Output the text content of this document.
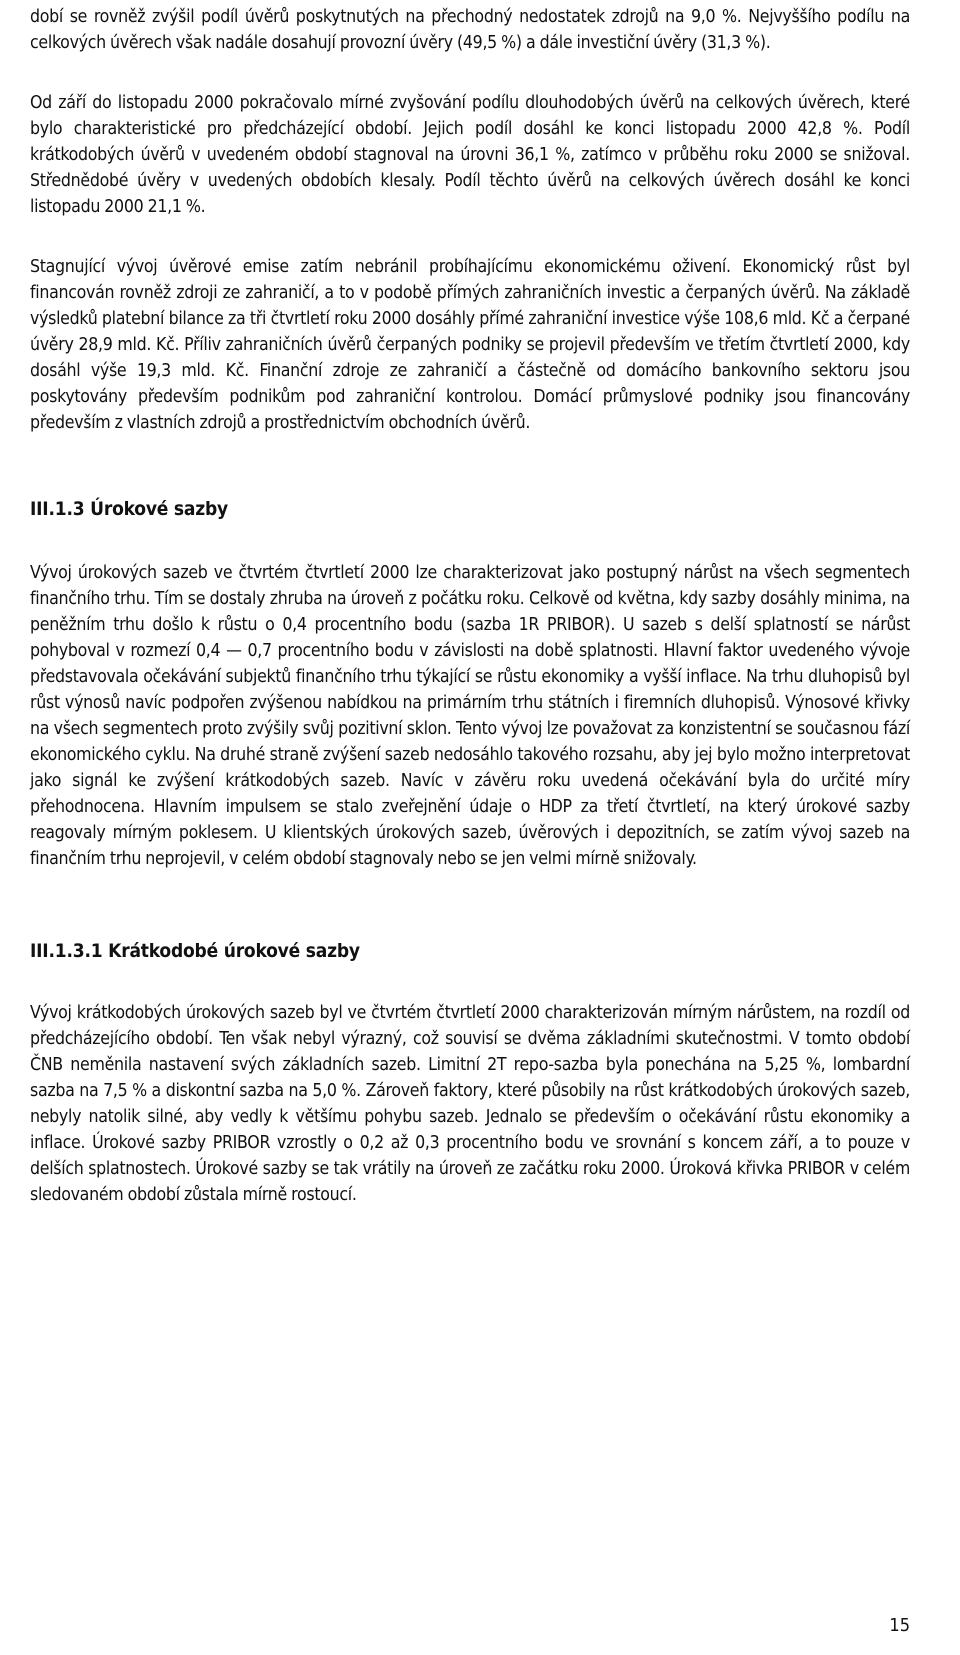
dobí se rovněž zvýšil podíl úvěrů poskytnutých na přechodný nedostatek zdrojů na 9,0 %. Nejvyššího podílu na celkových úvěrech však nadále dosahují provozní úvěry (49,5 %) a dále investiční úvěry (31,3 %).

Od září do listopadu 2000 pokračovalo mírné zvyšování podílu dlouhodobých úvěrů na celkových úvěrech, které bylo charakteristické pro předcházející období. Jejich podíl dosáhl ke konci listopadu 2000 42,8 %. Podíl krátkodobých úvěrů v uvedeném období stagnoval na úrovni 36,1 %, zatímco v průběhu roku 2000 se snižoval. Střednědobé úvěry v uvedených obdobích klesaly. Podíl těchto úvěrů na celkových úvěrech dosáhl ke konci listopadu 2000 21,1 %.

Stagnující vývoj úvěrové emise zatím nebránil probíhajícímu ekonomickému oživení. Ekonomický růst byl financován rovněž zdroji ze zahraničí, a to v podobě přímých zahraničních investic a čerpaných úvěrů. Na základě výsledků platební bilance za tři čtvrtletí roku 2000 dosáhly přímé zahraniční investice výše 108,6 mld. Kč a čerpané úvěry 28,9 mld. Kč. Příliv zahraničních úvěrů čerpaných podniky se projevil především ve třetím čtvrtletí 2000, kdy dosáhl výše 19,3 mld. Kč. Finanční zdroje ze zahraničí a částečně od domácího bankovního sektoru jsou poskytovány především podnikům pod zahraniční kontrolou. Domácí průmyslové podniky jsou financovány především z vlastních zdrojů a prostřednictvím obchodních úvěrů.

III.1.3 Úrokové sazby

Vývoj úrokových sazeb ve čtvrtém čtvrtletí 2000 lze charakterizovat jako postupný nárůst na všech segmentech finančního trhu. Tím se dostaly zhruba na úroveň z počátku roku. Celkově od května, kdy sazby dosáhly minima, na peněžním trhu došlo k růstu o 0,4 procentního bodu (sazba 1R PRIBOR). U sazeb s delší splatností se nárůst pohyboval v rozmezí 0,4 — 0,7 procentního bodu v závislosti na době splatnosti. Hlavní faktor uvedeného vývoje představovala očekávání subjektů finančního trhu týkající se růstu ekonomiky a vyšší inflace. Na trhu dluhopisů byl růst výnosů navíc podpořen zvýšenou nabídkou na primárním trhu státních i firemních dluhopisů. Výnosové křivky na všech segmentech proto zvýšily svůj pozitivní sklon. Tento vývoj lze považovat za konzistentní se současnou fází ekonomického cyklu. Na druhé straně zvýšení sazeb nedosáhlo takového rozsahu, aby jej bylo možno interpretovat jako signál ke zvýšení krátkodobých sazeb. Navíc v závěru roku uvedená očekávání byla do určité míry přehodnocena. Hlavním impulsem se stalo zveřejnění údaje o HDP za třetí čtvrtletí, na který úrokové sazby reagovaly mírným poklesem. U klientských úrokových sazeb, úvěrových i depozitních, se zatím vývoj sazeb na finančním trhu neprojevil, v celém období stagnovaly nebo se jen velmi mírně snižovaly.

III.1.3.1 Krátkodobé úrokové sazby

Vývoj krátkodobých úrokových sazeb byl ve čtvrtém čtvrtletí 2000 charakterizován mírným nárůstem, na rozdíl od předcházejícího období. Ten však nebyl výrazný, což souvisí se dvěma základními skutečnostmi. V tomto období ČNB neměnila nastavení svých základních sazeb. Limitní 2T repo-sazba byla ponechána na 5,25 %, lombardní sazba na 7,5 % a diskontní sazba na 5,0 %. Zároveň faktory, které působily na růst krátkodobých úrokových sazeb, nebyly natolik silné, aby vedly k většímu pohybu sazeb. Jednalo se především o očekávání růstu ekonomiky a inflace. Úrokové sazby PRIBOR vzrostly o 0,2 až 0,3 procentního bodu ve srovnání s koncem září, a to pouze v delších splatnostech. Úrokové sazby se tak vrátily na úroveň ze začátku roku 2000. Úroková křivka PRIBOR v celém sledovaném období zůstala mírně rostoucí.

15
